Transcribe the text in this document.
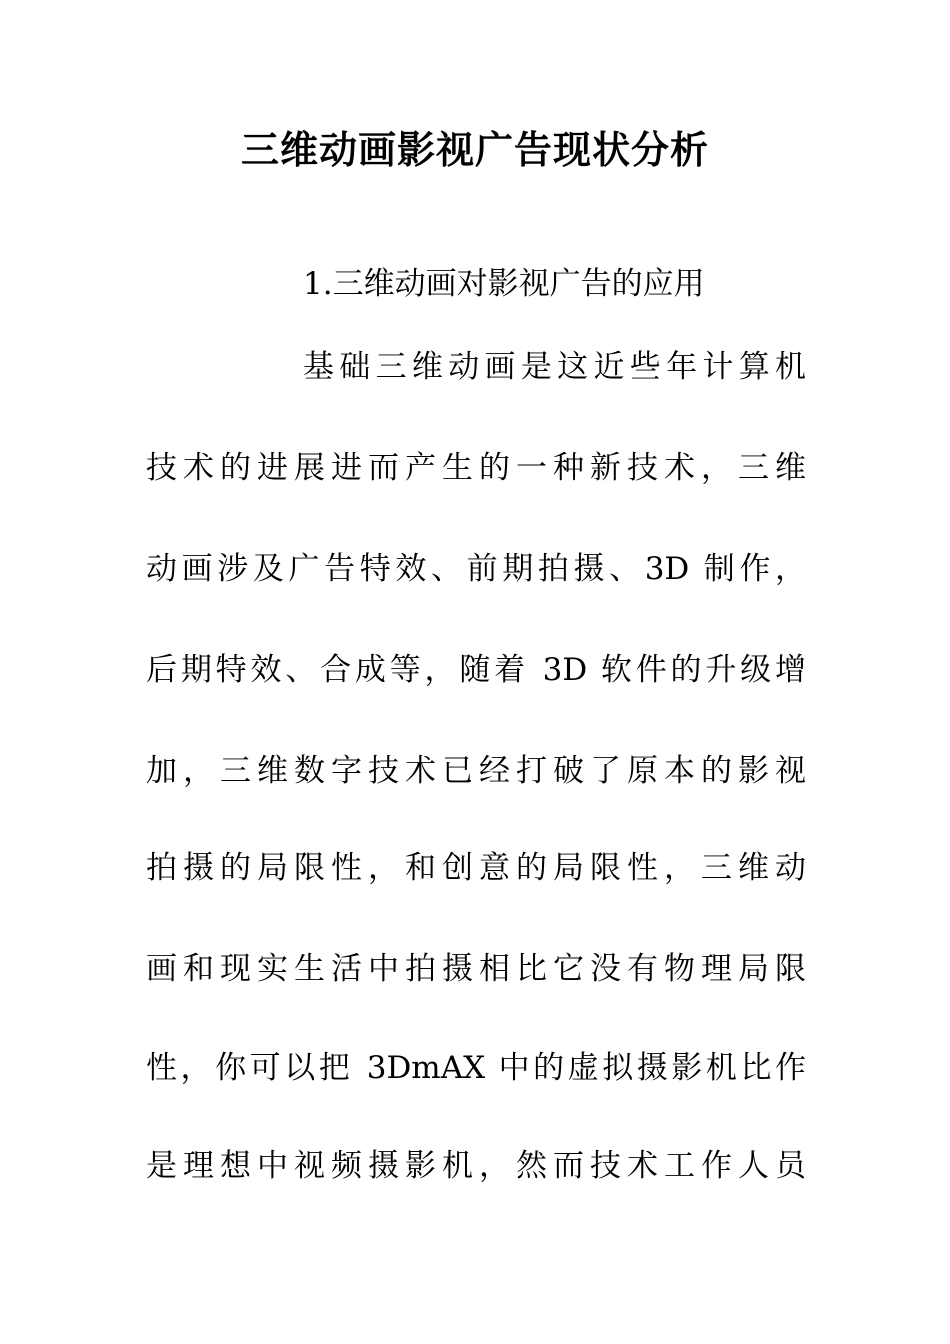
三维动画影视广告现状分析

1.三维动画对影视广告的应用

基础三维动画是这近些年计算机

技术的进展进而产生的一种新技术，三维

动画涉及广告特效、前期拍摄、3D 制作，

后期特效、合成等，随着 3D 软件的升级增

加，三维数字技术已经打破了原本的影视

拍摄的局限性，和创意的局限性，三维动

画和现实生活中拍摄相比它没有物理局限

性，你可以把 3DmAX 中的虚拟摄影机比作

是理想中视频摄影机，然而技术工作人员
